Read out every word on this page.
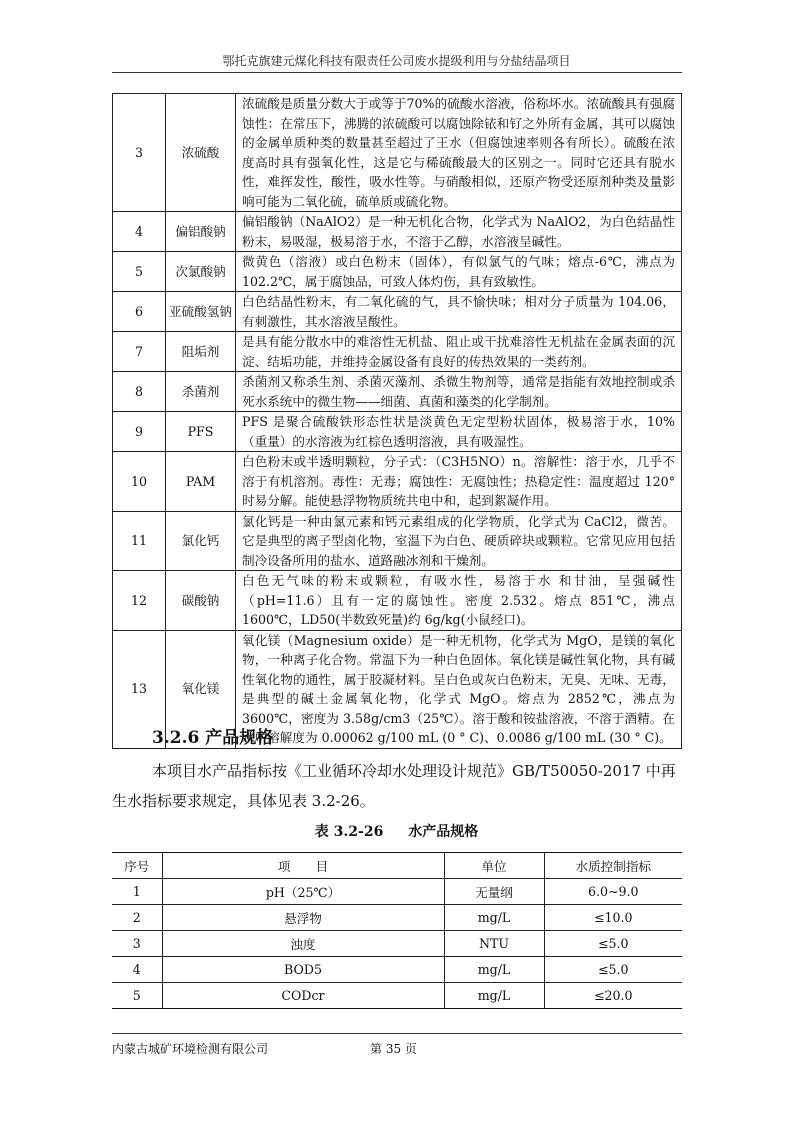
鄂托克旗建元煤化科技有限责任公司废水提级利用与分盐结晶项目
3	浓硫酸	浓硫酸是质量分数大于或等于70%的硫酸水溶液，俗称坏水。浓硫酸具有强腐蚀性：在常压下，沸腾的浓硫酸可以腐蚀除铱和钌之外所有金属，其可以腐蚀的金属单质种类的数量甚至超过了王水（但腐蚀速率则各有所长）。硫酸在浓度高时具有强氧化性，这是它与稀硫酸最大的区别之一。同时它还具有脱水性，难挥发性，酸性，吸水性等。与硝酸相似，还原产物受还原剂种类及量影响可能为二氧化硫，硫单质或硫化物。
4	偏铝酸钠	偏铝酸钠（NaAlO2）是一种无机化合物，化学式为 NaAlO2，为白色结晶性粉末，易吸湿，极易溶于水，不溶于乙醇，水溶液呈碱性。
5	次氯酸钠	微黄色（溶液）或白色粉末（固体），有似氯气的气味；熔点-6℃，沸点为 102.2℃，属于腐蚀品，可致人体灼伤，具有致敏性。
6	亚硫酸氢钠	白色结晶性粉末，有二氧化硫的气，具不愉快味；相对分子质量为 104.06，有刺激性，其水溶液呈酸性。
7	阻垢剂	是具有能分散水中的难溶性无机盐、阻止或干扰难溶性无机盐在金属表面的沉淀、结垢功能，并维持金属设备有良好的传热效果的一类药剂。
8	杀菌剂	杀菌剂又称杀生剂、杀菌灭藻剂、杀微生物剂等，通常是指能有效地控制或杀死水系统中的微生物——细菌、真菌和藻类的化学制剂。
9	PFS	PFS 是聚合硫酸铁形态性状是淡黄色无定型粉状固体，极易溶于水，10%（重量）的水溶液为红棕色透明溶液，具有吸湿性。
10	PAM	白色粉末或半透明颗粒，分子式：（C3H5NO）n。溶解性：溶于水，几乎不溶于有机溶剂。毒性：无毒；腐蚀性：无腐蚀性；热稳定性：温度超过 120°时易分解。能使悬浮物物质统共电中和，起到絮凝作用。
11	氯化钙	氯化钙是一种由氯元素和钙元素组成的化学物质，化学式为 CaCl2，微苦。它是典型的离子型卤化物，室温下为白色、硬质碎块或颗粒。它常见应用包括制冷设备所用的盐水、道路融冰剂和干燥剂。
12	碳酸钠	白色无气味的粉末或颗粒，有吸水性，易溶于水 和甘油，呈强碱性（pH=11.6）且有一定的腐蚀性。密度 2.532。熔点 851℃，沸点 1600℃，LD50(半数致死量)约 6g/kg(小鼠经口)。
13	氧化镁	氧化镁（Magnesium oxide）是一种无机物，化学式为 MgO，是镁的氧化物，一种离子化合物。常温下为一种白色固体。氧化镁是碱性氧化物，具有碱性氧化物的通性，属于胶凝材料。呈白色或灰白色粉末，无臭、无味、无毒，是典型的碱土金属氧化物，化学式 MgO。熔点为 2852℃，沸点为 3600℃，密度为 3.58g/cm3（25℃）。溶于酸和铵盐溶液，不溶于酒精。在水中溶解度为 0.00062 g/100 mL (0 ° C)、0.0086 g/100 mL (30 ° C)。
3.2.6 产品规格
本项目水产品指标按《工业循环冷却水处理设计规范》GB/T50050-2017 中再生水指标要求规定，具体见表 3.2-26。
表 3.2-26 水产品规格
序号	项　　目	单位	水质控制指标
1	pH（25℃）	无量纲	6.0~9.0
2	悬浮物	mg/L	≤10.0
3	浊度	NTU	≤5.0
4	BOD5	mg/L	≤5.0
5	CODcr	mg/L	≤20.0
内蒙古城矿环境检测有限公司	第 35 页
